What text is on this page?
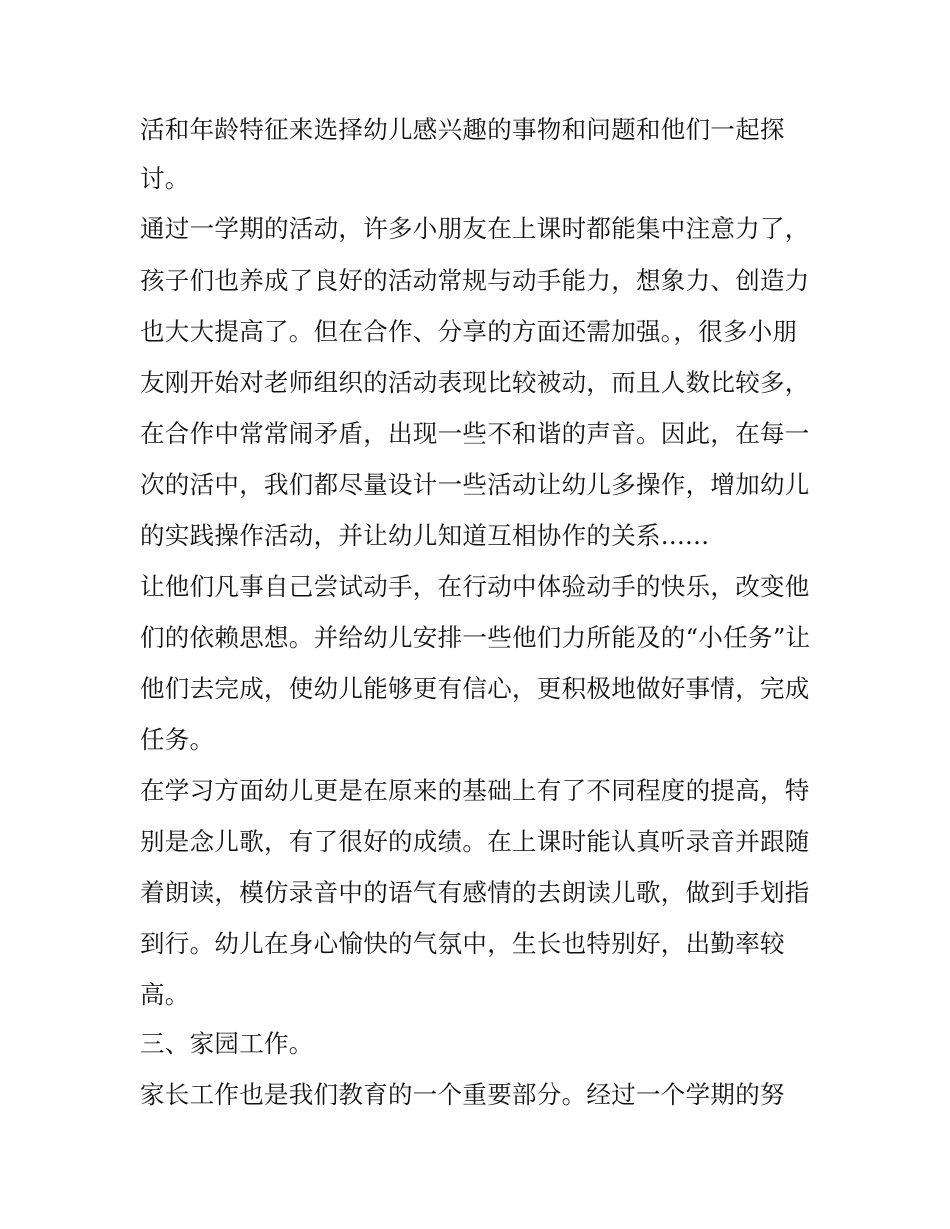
活和年龄特征来选择幼儿感兴趣的事物和问题和他们一起探
讨。
通过一学期的活动，许多小朋友在上课时都能集中注意力了，
孩子们也养成了良好的活动常规与动手能力，想象力、创造力
也大大提高了。但在合作、分享的方面还需加强。，很多小朋
友刚开始对老师组织的活动表现比较被动，而且人数比较多，
在合作中常常闹矛盾，出现一些不和谐的声音。因此，在每一
次的活中，我们都尽量设计一些活动让幼儿多操作，增加幼儿
的实践操作活动，并让幼儿知道互相协作的关系......
让他们凡事自己尝试动手，在行动中体验动手的快乐，改变他
们的依赖思想。并给幼儿安排一些他们力所能及的“小任务”让
他们去完成，使幼儿能够更有信心，更积极地做好事情，完成
任务。
在学习方面幼儿更是在原来的基础上有了不同程度的提高，特
别是念儿歌，有了很好的成绩。在上课时能认真听录音并跟随
着朗读，模仿录音中的语气有感情的去朗读儿歌，做到手划指
到行。幼儿在身心愉快的气氛中，生长也特别好，出勤率较
高。
三、家园工作。
家长工作也是我们教育的一个重要部分。经过一个学期的努
